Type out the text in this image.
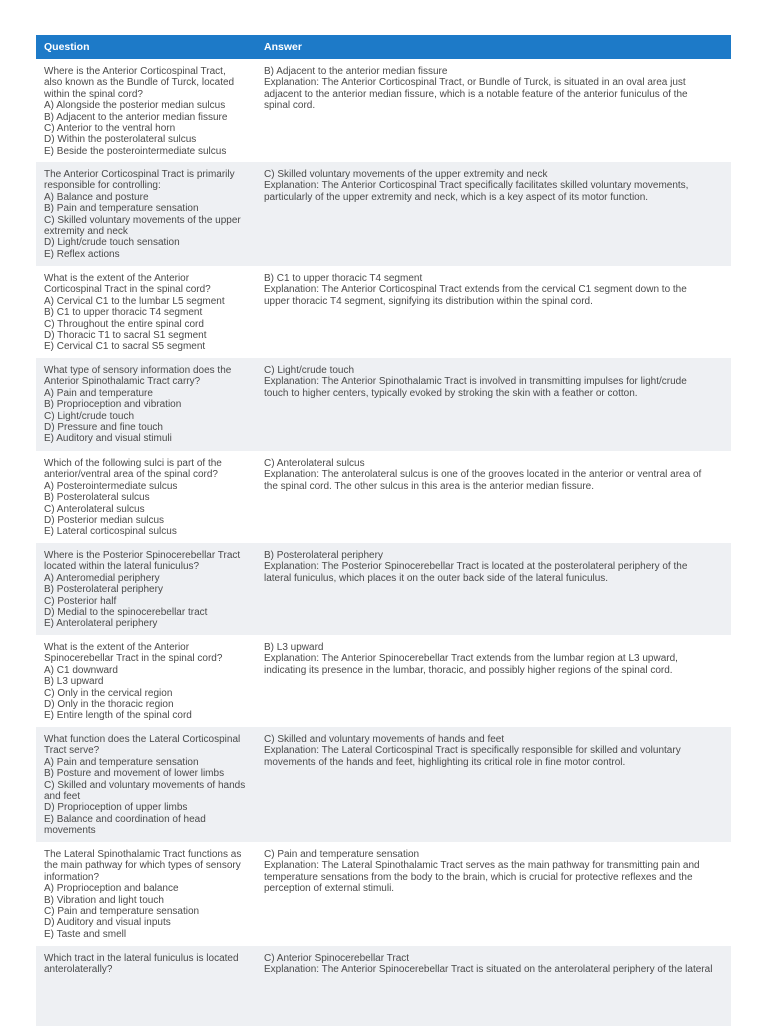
Question	Answer
Where is the Anterior Corticospinal Tract,
also known as the Bundle of Turck, located
within the spinal cord?
A) Alongside the posterior median sulcus
B) Adjacent to the anterior median fissure
C) Anterior to the ventral horn
D) Within the posterolateral sulcus
E) Beside the posterointermediate sulcus
B) Adjacent to the anterior median fissure
Explanation: The Anterior Corticospinal Tract, or Bundle of Turck, is situated in an oval area just
adjacent to the anterior median fissure, which is a notable feature of the anterior funiculus of the
spinal cord.
The Anterior Corticospinal Tract is primarily
responsible for controlling:
A) Balance and posture
B) Pain and temperature sensation
C) Skilled voluntary movements of the upper
extremity and neck
D) Light/crude touch sensation
E) Reflex actions
C) Skilled voluntary movements of the upper extremity and neck
Explanation: The Anterior Corticospinal Tract specifically facilitates skilled voluntary movements,
particularly of the upper extremity and neck, which is a key aspect of its motor function.
What is the extent of the Anterior
Corticospinal Tract in the spinal cord?
A) Cervical C1 to the lumbar L5 segment
B) C1 to upper thoracic T4 segment
C) Throughout the entire spinal cord
D) Thoracic T1 to sacral S1 segment
E) Cervical C1 to sacral S5 segment
B) C1 to upper thoracic T4 segment
Explanation: The Anterior Corticospinal Tract extends from the cervical C1 segment down to the
upper thoracic T4 segment, signifying its distribution within the spinal cord.
What type of sensory information does the
Anterior Spinothalamic Tract carry?
A) Pain and temperature
B) Proprioception and vibration
C) Light/crude touch
D) Pressure and fine touch
E) Auditory and visual stimuli
C) Light/crude touch
Explanation: The Anterior Spinothalamic Tract is involved in transmitting impulses for light/crude
touch to higher centers, typically evoked by stroking the skin with a feather or cotton.
Which of the following sulci is part of the
anterior/ventral area of the spinal cord?
A) Posterointermediate sulcus
B) Posterolateral sulcus
C) Anterolateral sulcus
D) Posterior median sulcus
E) Lateral corticospinal sulcus
C) Anterolateral sulcus
Explanation: The anterolateral sulcus is one of the grooves located in the anterior or ventral area of
the spinal cord. The other sulcus in this area is the anterior median fissure.
Where is the Posterior Spinocerebellar Tract
located within the lateral funiculus?
A) Anteromedial periphery
B) Posterolateral periphery
C) Posterior half
D) Medial to the spinocerebellar tract
E) Anterolateral periphery
B) Posterolateral periphery
Explanation: The Posterior Spinocerebellar Tract is located at the posterolateral periphery of the
lateral funiculus, which places it on the outer back side of the lateral funiculus.
What is the extent of the Anterior
Spinocerebellar Tract in the spinal cord?
A) C1 downward
B) L3 upward
C) Only in the cervical region
D) Only in the thoracic region
E) Entire length of the spinal cord
B) L3 upward
Explanation: The Anterior Spinocerebellar Tract extends from the lumbar region at L3 upward,
indicating its presence in the lumbar, thoracic, and possibly higher regions of the spinal cord.
What function does the Lateral Corticospinal
Tract serve?
A) Pain and temperature sensation
B) Posture and movement of lower limbs
C) Skilled and voluntary movements of hands
and feet
D) Proprioception of upper limbs
E) Balance and coordination of head
movements
C) Skilled and voluntary movements of hands and feet
Explanation: The Lateral Corticospinal Tract is specifically responsible for skilled and voluntary
movements of the hands and feet, highlighting its critical role in fine motor control.
The Lateral Spinothalamic Tract functions as
the main pathway for which types of sensory
information?
A) Proprioception and balance
B) Vibration and light touch
C) Pain and temperature sensation
D) Auditory and visual inputs
E) Taste and smell
C) Pain and temperature sensation
Explanation: The Lateral Spinothalamic Tract serves as the main pathway for transmitting pain and
temperature sensations from the body to the brain, which is crucial for protective reflexes and the
perception of external stimuli.
Which tract in the lateral funiculus is located
anterolaterally?
C) Anterior Spinocerebellar Tract
Explanation: The Anterior Spinocerebellar Tract is situated on the anterolateral periphery of the lateral
